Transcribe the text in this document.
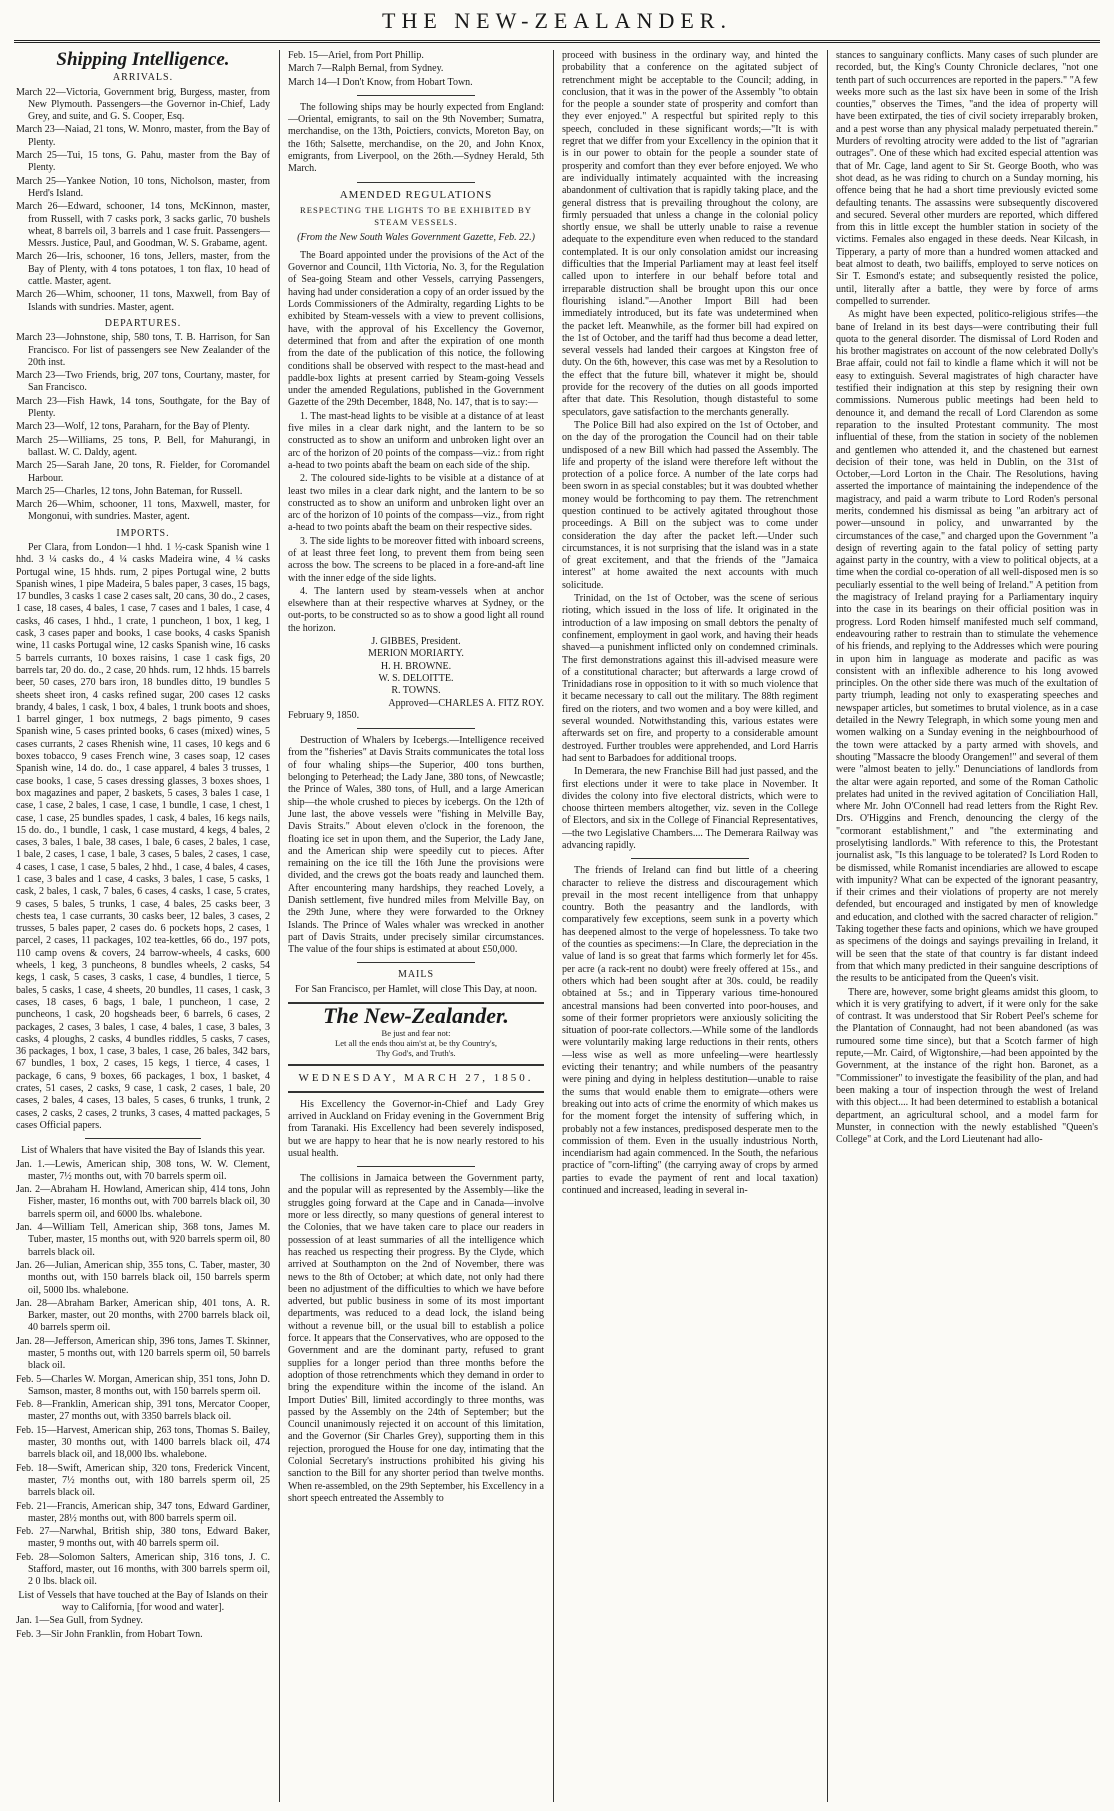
THE NEW-ZEALANDER.
Shipping Intelligence.
ARRIVALS.

March 22—Victoria, Government brig, Burgess, master, from New Plymouth. Passengers—the Governor in-Chief, Lady Grey, and suite, and G. S. Cooper, Esq.

March 23—Naiad, 21 tons, W. Monro, master, from the Bay of Plenty.

March 25—Tui, 15 tons, G. Pahu, master from the Bay of Plenty.

March 25—Yankee Notion, 10 tons, Nicholson, master, from Herd's Island.

March 26—Edward, schooner, 14 tons, McKinnon, master, from Russell, with 7 casks pork, 3 sacks garlic, 70 bushels wheat, 8 barrels oil, 3 barrels and 1 case fruit. Passengers—Messrs. Justice, Paul, and Goodman, W. S. Grabame, agent.

March 26—Iris, schooner, 16 tons, Jellers, master, from the Bay of Plenty, with 4 tons potatoes, 1 ton flax, 10 head of cattle. Master, agent.

March 26—Whim, schooner, 11 tons, Maxwell, from Bay of Islands with sundries. Master, agent.

DEPARTURES.

March 23—Johnstone, ship, 580 tons, T. B. Harrison, for San Francisco. For list of passengers see New Zealander of the 20th inst.

March 23—Two Friends, brig, 207 tons, Courtany, master, for San Francisco.

March 23—Fish Hawk, 14 tons, Southgate, for the Bay of Plenty.

March 23—Wolf, 12 tons, Paraharn, for the Bay of Plenty.

March 25—Williams, 25 tons, P. Bell, for Mahurangi, in ballast. W. C. Daldy, agent.

March 25—Sarah Jane, 20 tons, R. Fielder, for Coromandel Harbour.

March 25—Charles, 12 tons, John Bateman, for Russell.

March 26—Whim, schooner, 11 tons, Maxwell, master, for Mongonui, with sundries. Master, agent.

IMPORTS.

Per Clara, from London—1 hhd. 1 ½-cask Spanish wine 1 hhd. 3 ¼ casks do., 4 ¼ casks Madeira wine, 4 ¼ casks Portugal wine, 15 hhds. rum, 2 pipes Portugal wine, 2 butts Spanish wines, 1 pipe Madeira, 5 bales paper, 3 cases, 15 bags, 17 bundles, 3 casks 1 case 2 cases salt, 20 cans, 30 do., 2 cases, 1 case, 18 cases, 4 bales, 1 case, 7 cases and 1 bales, 1 case, 4 casks, 46 cases, 1 hhd., 1 crate, 1 puncheon, 1 box, 1 keg, 1 cask, 3 cases paper and books, 1 case books, 4 casks Spanish wine, 11 casks Portugal wine, 12 casks Spanish wine, 16 casks 5 barrels currants, 10 boxes raisins, 1 case 1 cask figs, 20 barrels tar, 20 do. do., 2 case, 20 hhds. rum, 12 hhds. 15 barrels beer, 50 cases, 270 bars iron, 18 bundles ditto, 19 bundles 5 sheets sheet iron, 4 casks refined sugar, 200 cases 12 casks brandy, 4 bales, 1 cask, 1 box, 4 bales, 1 trunk boots and shoes, 1 barrel ginger, 1 box nutmegs, 2 bags pimento, 9 cases Spanish wine, 5 cases printed books, 6 cases (mixed) wines, 5 cases currants, 2 cases Rhenish wine, 11 cases, 10 kegs and 6 boxes tobacco, 9 cases French wine, 3 cases soap, 12 cases Spanish wine, 14 do. do., 1 case apparel, 4 bales 3 trusses, 1 case books, 1 case, 5 cases dressing glasses, 3 boxes shoes, 1 box magazines and paper, 2 baskets, 5 cases, 3 bales 1 case, 1 case, 1 case, 2 bales, 1 case, 1 case, 1 bundle, 1 case, 1 chest, 1 case, 1 case, 25 bundles spades, 1 cask, 4 bales, 16 kegs nails, 15 do. do., 1 bundle, 1 cask, 1 case mustard, 4 kegs, 4 bales, 2 cases, 3 bales, 1 bale, 38 cases, 1 bale, 6 cases, 2 bales, 1 case, 1 bale, 2 cases, 1 case, 1 bale, 3 cases, 5 bales, 2 cases, 1 case, 4 cases, 1 case, 1 case, 5 bales, 2 hhd., 1 case, 4 bales, 4 cases, 1 case, 3 bales and 1 case, 4 casks, 3 bales, 1 case, 5 casks, 1 cask, 2 bales, 1 cask, 7 bales, 6 cases, 4 casks, 1 case, 5 crates, 9 cases, 5 bales, 5 trunks, 1 case, 4 bales, 25 casks beer, 3 chests tea, 1 case currants, 30 casks beer, 12 bales, 3 cases, 2 trusses, 5 bales paper, 2 cases do. 6 pockets hops, 2 cases, 1 parcel, 2 cases, 11 packages, 102 tea-kettles, 66 do., 197 pots, 110 camp ovens & covers, 24 barrow-wheels, 4 casks, 600 wheels, 1 keg, 3 puncheons, 8 bundles wheels, 2 casks, 54 kegs, 1 cask, 5 cases, 3 casks, 1 case, 4 bundles, 1 tierce, 5 bales, 5 casks, 1 case, 4 sheets, 20 bundles, 11 cases, 1 cask, 3 cases, 18 cases, 6 bags, 1 bale, 1 puncheon, 1 case, 2 puncheons, 1 cask, 20 hogsheads beer, 6 barrels, 6 cases, 2 packages, 2 cases, 3 bales, 1 case, 4 bales, 1 case, 3 bales, 3 casks, 4 ploughs, 2 casks, 4 bundles riddles, 5 casks, 7 cases, 36 packages, 1 box, 1 case, 3 bales, 1 case, 26 bales, 342 bars, 67 bundles, 1 box, 2 cases, 15 kegs, 1 tierce, 4 cases, 1 package, 6 cans, 9 boxes, 66 packages, 1 box, 1 basket, 4 crates, 51 cases, 2 casks, 9 case, 1 cask, 2 cases, 1 bale, 20 cases, 2 bales, 4 cases, 13 bales, 5 cases, 6 trunks, 1 trunk, 2 cases, 2 casks, 2 cases, 2 trunks, 3 cases, 4 matted packages, 5 cases Official papers.

List of Whalers that have visited the Bay of Islands this year.

Jan. 1.—Lewis, American ship, 308 tons, W. W. Clement, master, 7½ months out, with 70 barrels sperm oil.

Jan. 2—Abraham H. Howland, American ship, 414 tons, John Fisher, master, 16 months out, with 700 barrels black oil, 30 barrels sperm oil, and 6000 lbs. whalebone.

Jan. 4—William Tell, American ship, 368 tons, James M. Tuber, master, 15 months out, with 920 barrels sperm oil, 80 barrels black oil.

Jan. 26—Julian, American ship, 355 tons, C. Taber, master, 30 months out, with 150 barrels black oil, 150 barrels sperm oil, 5000 lbs. whalebone.

Jan. 28—Abraham Barker, American ship, 401 tons, A. R. Barker, master, out 20 months, with 2700 barrels black oil, 40 barrels sperm oil.

Jan. 28—Jefferson, American ship, 396 tons, James T. Skinner, master, 5 months out, with 120 barrels sperm oil, 50 barrels black oil.

Feb. 5—Charles W. Morgan, American ship, 351 tons, John D. Samson, master, 8 months out, with 150 barrels sperm oil.

Feb. 8—Franklin, American ship, 391 tons, Mercator Cooper, master, 27 months out, with 3350 barrels black oil.

Feb. 15—Harvest, American ship, 263 tons, Thomas S. Bailey, master, 30 months out, with 1400 barrels black oil, 474 barrels black oil, and 18,000 lbs. whalebone.

Feb. 18—Swift, American ship, 320 tons, Frederick Vincent, master, 7½ months out, with 180 barrels sperm oil, 25 barrels black oil.

Feb. 21—Francis, American ship, 347 tons, Edward Gardiner, master, 28½ months out, with 800 barrels sperm oil.

Feb. 27—Narwhal, British ship, 380 tons, Edward Baker, master, 9 months out, with 40 barrels sperm oil.

Feb. 28—Solomon Salters, American ship, 316 tons, J. C. Stafford, master, out 16 months, with 300 barrels sperm oil, 2 0 lbs. black oil.

List of Vessels that have touched at the Bay of Islands on their way to California, [for wood and water].

Jan. 1—Sea Gull, from Sydney.

Feb. 3—Sir John Franklin, from Hobart Town.

Feb. 15—Ariel, from Port Phillip.

March 7—Ralph Bernal, from Sydney.

March 14—I Don't Know, from Hobart Town.

The following ships may be hourly expected from England:—Oriental, emigrants, to sail on the 9th November; Sumatra, merchandise, on the 13th, Poictiers, convicts, Moreton Bay, on the 16th; Salsette, merchandise, on the 20, and John Knox, emigrants, from Liverpool, on the 26th.—Sydney Herald, 5th March.

AMENDED REGULATIONS
RESPECTING THE LIGHTS TO BE EXHIBITED BY STEAM VESSELS.
(From the New South Wales Government Gazette, Feb. 22.)

The Board appointed under the provisions of the Act of the Governor and Council, 11th Victoria, No. 3, for the Regulation of Sea-going Steam and other Vessels, carrying Passengers, having had under consideration a copy of an order issued by the Lords Commissioners of the Admiralty, regarding Lights to be exhibited by Steam-vessels with a view to prevent collisions, have, with the approval of his Excellency the Governor, determined that from and after the expiration of one month from the date of the publication of this notice, the following conditions shall be observed with respect to the mast-head and paddle-box lights at present carried by Steam-going Vessels under the amended Regulations, published in the Government Gazette of the 29th December, 1848, No. 147, that is to say:—

1. The mast-head lights to be visible at a distance of at least five miles in a clear dark night, and the lantern to be so constructed as to show an uniform and unbroken light over an arc of the horizon of 20 points of the compass—viz.: from right a-head to two points abaft the beam on each side of the ship.

2. The coloured side-lights to be visible at a distance of at least two miles in a clear dark night, and the lantern to be so constructed as to show an uniform and unbroken light over an arc of the horizon of 10 points of the compass—viz., from right a-head to two points abaft the beam on their respective sides.

3. The side lights to be moreover fitted with inboard screens, of at least three feet long, to prevent them from being seen across the bow. The screens to be placed in a fore-and-aft line with the inner edge of the side lights.

4. The lantern used by steam-vessels when at anchor elsewhere than at their respective wharves at Sydney, or the out-ports, to be constructed so as to show a good light all round the horizon.

J. GIBBES, President.

MERION MORIARTY.

H. H. BROWNE.

W. S. DELOITTE.

R. TOWNS.

Approved—CHARLES A. FITZ ROY.

February 9, 1850.

Destruction of Whalers by Icebergs.—Intelligence received from the "fisheries" at Davis Straits communicates the total loss of four whaling ships—the Superior, 400 tons burthen, belonging to Peterhead; the Lady Jane, 380 tons, of Newcastle; the Prince of Wales, 380 tons, of Hull, and a large American ship—the whole crushed to pieces by icebergs. On the 12th of June last, the above vessels were "fishing in Melville Bay, Davis Straits." About eleven o'clock in the forenoon, the floating ice set in upon them, and the Superior, the Lady Jane, and the American ship were speedily cut to pieces. After remaining on the ice till the 16th June the provisions were divided, and the crews got the boats ready and launched them. After encountering many hardships, they reached Lovely, a Danish settlement, five hundred miles from Melville Bay, on the 29th June, where they were forwarded to the Orkney Islands. The Prince of Wales whaler was wrecked in another part of Davis Straits, under precisely similar circumstances. The value of the four ships is estimated at about £50,000.

MAILS

For San Francisco, per Hamlet, will close This Day, at noon.

The New-Zealander.
Be just and fear not:
Let all the ends thou aim'st at, be thy Country's,
Thy God's, and Truth's.
WEDNESDAY, MARCH 27, 1850.

His Excellency the Governor-in-Chief and Lady Grey arrived in Auckland on Friday evening in the Government Brig from Taranaki. His Excellency had been severely indisposed, but we are happy to hear that he is now nearly restored to his usual health.

The collisions in Jamaica between the Government party, and the popular will as represented by the Assembly—like the struggles going forward at the Cape and in Canada—involve more or less directly, so many questions of general interest to the Colonies, that we have taken care to place our readers in possession of at least summaries of all the intelligence which has reached us respecting their progress. By the Clyde, which arrived at Southampton on the 2nd of November, there was news to the 8th of October; at which date, not only had there been no adjustment of the difficulties to which we have before adverted, but public business in some of its most important departments, was reduced to a dead lock, the island being without a revenue bill, or the usual bill to establish a police force. It appears that the Conservatives, who are opposed to the Government and are the dominant party, refused to grant supplies for a longer period than three months before the adoption of those retrenchments which they demand in order to bring the expenditure within the income of the island. An Import Duties' Bill, limited accordingly to three months, was passed by the Assembly on the 24th of September; but the Council unanimously rejected it on account of this limitation, and the Governor (Sir Charles Grey), supporting them in this rejection, prorogued the House for one day, intimating that the Colonial Secretary's instructions prohibited his giving his sanction to the Bill for any shorter period than twelve months. When re-assembled, on the 29th September, his Excellency in a short speech entreated the Assembly to

proceed with business in the ordinary way, and hinted the probability that a conference on the agitated subject of retrenchment might be acceptable to the Council; adding, in conclusion, that it was in the power of the Assembly "to obtain for the people a sounder state of prosperity and comfort than they ever enjoyed." A respectful but spirited reply to this speech, concluded in these significant words;—"It is with regret that we differ from your Excellency in the opinion that it is in our power to obtain for the people a sounder state of prosperity and comfort than they ever before enjoyed. We who are individually intimately acquainted with the increasing abandonment of cultivation that is rapidly taking place, and the general distress that is prevailing throughout the colony, are firmly persuaded that unless a change in the colonial policy shortly ensue, we shall be utterly unable to raise a revenue adequate to the expenditure even when reduced to the standard contemplated. It is our only consolation amidst our increasing difficulties that the Imperial Parliament may at least feel itself called upon to interfere in our behalf before total and irreparable distruction shall be brought upon this our once flourishing island."—Another Import Bill had been immediately introduced, but its fate was undetermined when the packet left. Meanwhile, as the former bill had expired on the 1st of October, and the tariff had thus become a dead letter, several vessels had landed their cargoes at Kingston free of duty. On the 6th, however, this case was met by a Resolution to the effect that the future bill, whatever it might be, should provide for the recovery of the duties on all goods imported after that date. This Resolution, though distasteful to some speculators, gave satisfaction to the merchants generally.

The Police Bill had also expired on the 1st of October, and on the day of the prorogation the Council had on their table undisposed of a new Bill which had passed the Assembly. The life and property of the island were therefore left without the protection of a police force. A number of the late corps had been sworn in as special constables; but it was doubted whether money would be forthcoming to pay them. The retrenchment question continued to be actively agitated throughout those proceedings. A Bill on the subject was to come under consideration the day after the packet left.—Under such circumstances, it is not surprising that the island was in a state of great excitement, and that the friends of the "Jamaica interest" at home awaited the next accounts with much solicitude.

Trinidad, on the 1st of October, was the scene of serious rioting, which issued in the loss of life. It originated in the introduction of a law imposing on small debtors the penalty of confinement, employment in gaol work, and having their heads shaved—a punishment inflicted only on condemned criminals. The first demonstrations against this ill-advised measure were of a constitutional character; but afterwards a large crowd of Trinidadians rose in opposition to it with so much violence that it became necessary to call out the military. The 88th regiment fired on the rioters, and two women and a boy were killed, and several wounded. Notwithstanding this, various estates were afterwards set on fire, and property to a considerable amount destroyed. Further troubles were apprehended, and Lord Harris had sent to Barbadoes for additional troops.

In Demerara, the new Franchise Bill had just passed, and the first elections under it were to take place in November. It divides the colony into five electoral districts, which were to choose thirteen members altogether, viz. seven in the College of Electors, and six in the College of Financial Representatives,—the two Legislative Chambers.... The Demerara Railway was advancing rapidly.

The friends of Ireland can find but little of a cheering character to relieve the distress and discouragement which prevail in the most recent intelligence from that unhappy country. Both the peasantry and the landlords, with comparatively few exceptions, seem sunk in a poverty which has deepened almost to the verge of hopelessness. To take two of the counties as specimens:—In Clare, the depreciation in the value of land is so great that farms which formerly let for 45s. per acre (a rack-rent no doubt) were freely offered at 15s., and others which had been sought after at 30s. could, be readily obtained at 5s.; and in Tipperary various time-honoured ancestral mansions had been converted into poor-houses, and some of their former proprietors were anxiously soliciting the situation of poor-rate collectors.—While some of the landlords were voluntarily making large reductions in their rents, others—less wise as well as more unfeeling—were heartlessly evicting their tenantry; and while numbers of the peasantry were pining and dying in helpless destitution—unable to raise the sums that would enable them to emigrate—others were breaking out into acts of crime the enormity of which makes us for the moment forget the intensity of suffering which, in probably not a few instances, predisposed desperate men to the commission of them. Even in the usually industrious North, incendiarism had again commenced. In the South, the nefarious practice of "corn-lifting" (the carrying away of crops by armed parties to evade the payment of rent and local taxation) continued and increased, leading in several in-

stances to sanguinary conflicts. Many cases of such plunder are recorded, but, the King's County Chronicle declares, "not one tenth part of such occurrences are reported in the papers." "A few weeks more such as the last six have been in some of the Irish counties," observes the Times, "and the idea of property will have been extirpated, the ties of civil society irreparably broken, and a pest worse than any physical malady perpetuated therein." Murders of revolting atrocity were added to the list of "agrarian outrages". One of these which had excited especial attention was that of Mr. Cage, land agent to Sir St. George Booth, who was shot dead, as he was riding to church on a Sunday morning, his offence being that he had a short time previously evicted some defaulting tenants. The assassins were subsequently discovered and secured. Several other murders are reported, which differed from this in little except the humbler station in society of the victims. Females also engaged in these deeds. Near Kilcash, in Tipperary, a party of more than a hundred women attacked and beat almost to death, two bailiffs, employed to serve notices on Sir T. Esmond's estate; and subsequently resisted the police, until, literally after a battle, they were by force of arms compelled to surrender.

As might have been expected, politico-religious strifes—the bane of Ireland in its best days—were contributing their full quota to the general disorder. The dismissal of Lord Roden and his brother magistrates on account of the now celebrated Dolly's Brae affair, could not fail to kindle a flame which it will not be easy to extinguish. Several magistrates of high character have testified their indignation at this step by resigning their own commissions. Numerous public meetings had been held to denounce it, and demand the recall of Lord Clarendon as some reparation to the insulted Protestant community. The most influential of these, from the station in society of the noblemen and gentlemen who attended it, and the chastened but earnest decision of their tone, was held in Dublin, on the 31st of October,—Lord Lorton in the Chair. The Resolutions, having asserted the importance of maintaining the independence of the magistracy, and paid a warm tribute to Lord Roden's personal merits, condemned his dismissal as being "an arbitrary act of power—unsound in policy, and unwarranted by the circumstances of the case," and charged upon the Government "a design of reverting again to the fatal policy of setting party against party in the country, with a view to political objects, at a time when the cordial co-operation of all well-disposed men is so peculiarly essential to the well being of Ireland." A petition from the magistracy of Ireland praying for a Parliamentary inquiry into the case in its bearings on their official position was in progress. Lord Roden himself manifested much self command, endeavouring rather to restrain than to stimulate the vehemence of his friends, and replying to the Addresses which were pouring in upon him in language as moderate and pacific as was consistent with an inflexible adherence to his long avowed principles. On the other side there was much of the exultation of party triumph, leading not only to exasperating speeches and newspaper articles, but sometimes to brutal violence, as in a case detailed in the Newry Telegraph, in which some young men and women walking on a Sunday evening in the neighbourhood of the town were attacked by a party armed with shovels, and shouting "Massacre the bloody Orangemen!" and several of them were "almost beaten to jelly." Denunciations of landlords from the altar were again reported, and some of the Roman Catholic prelates had united in the revived agitation of Conciliation Hall, where Mr. John O'Connell had read letters from the Right Rev. Drs. O'Higgins and French, denouncing the clergy of the "cormorant establishment," and "the exterminating and proselytising landlords." With reference to this, the Protestant journalist ask, "Is this language to be tolerated? Is Lord Roden to be dismissed, while Romanist incendiaries are allowed to escape with impunity? What can be expected of the ignorant peasantry, if their crimes and their violations of property are not merely defended, but encouraged and instigated by men of knowledge and education, and clothed with the sacred character of religion." Taking together these facts and opinions, which we have grouped as specimens of the doings and sayings prevailing in Ireland, it will be seen that the state of that country is far distant indeed from that which many predicted in their sanguine descriptions of the results to be anticipated from the Queen's visit.

There are, however, some bright gleams amidst this gloom, to which it is very gratifying to advert, if it were only for the sake of contrast. It was understood that Sir Robert Peel's scheme for the Plantation of Connaught, had not been abandoned (as was rumoured some time since), but that a Scotch farmer of high repute,—Mr. Caird, of Wigtonshire,—had been appointed by the Government, at the instance of the right hon. Baronet, as a "Commissioner" to investigate the feasibility of the plan, and had been making a tour of inspection through the west of Ireland with this object.... It had been determined to establish a botanical department, an agricultural school, and a model farm for Munster, in connection with the newly established "Queen's College" at Cork, and the Lord Lieutenant had allo-
